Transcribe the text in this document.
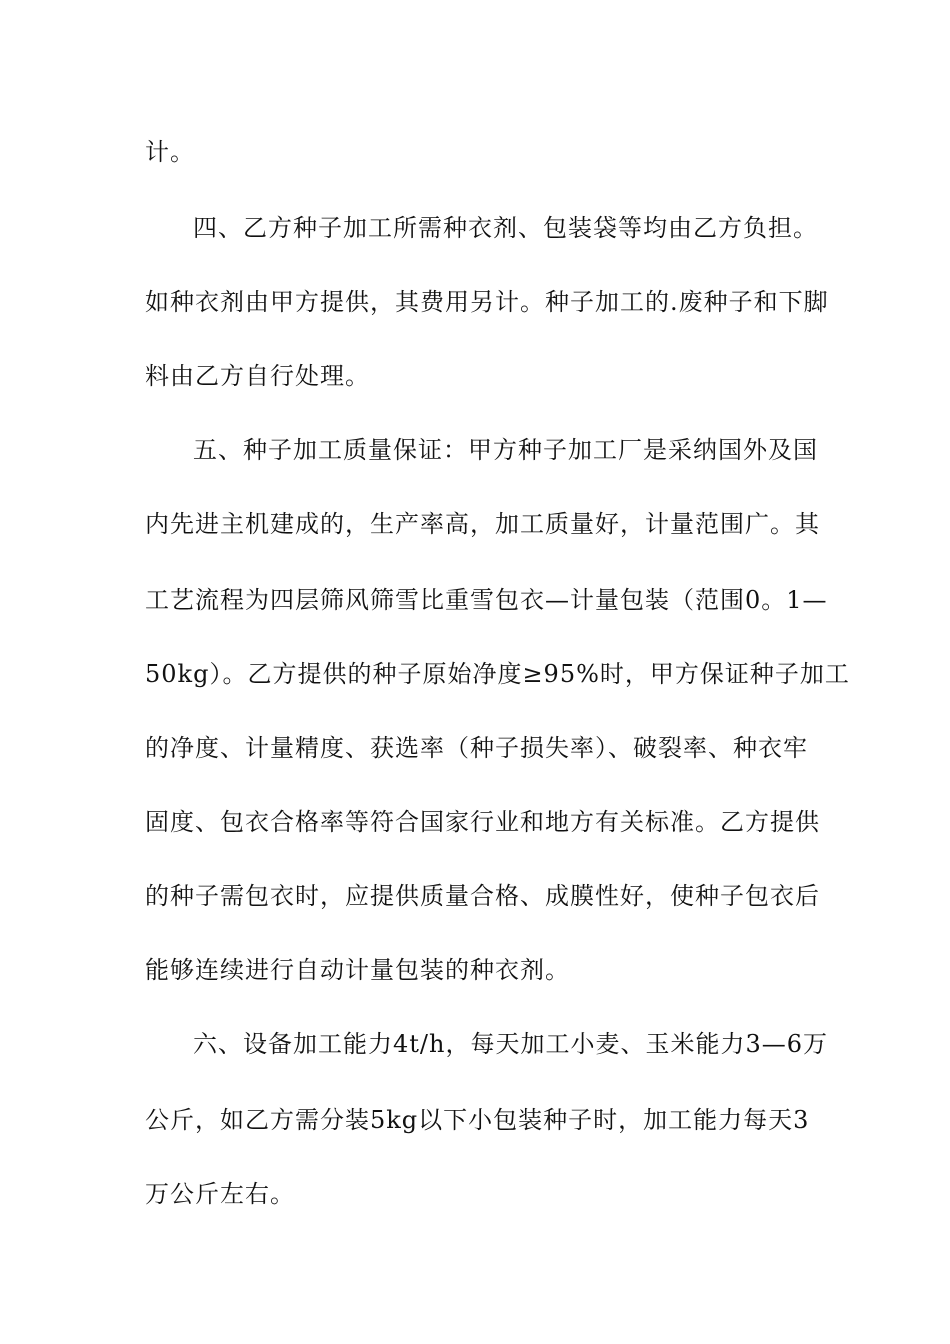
计。
四、乙方种子加工所需种衣剂、包装袋等均由乙方负担。
如种衣剂由甲方提供，其费用另计。种子加工的.废种子和下脚
料由乙方自行处理。
五、种子加工质量保证：甲方种子加工厂是采纳国外及国
内先进主机建成的，生产率高，加工质量好，计量范围广。其
工艺流程为四层筛风筛雪比重雪包衣—计量包装（范围0。1—
50kg）。乙方提供的种子原始净度≥95%时，甲方保证种子加工
的净度、计量精度、获选率（种子损失率）、破裂率、种衣牢
固度、包衣合格率等符合国家行业和地方有关标准。乙方提供
的种子需包衣时，应提供质量合格、成膜性好，使种子包衣后
能够连续进行自动计量包装的种衣剂。
六、设备加工能力4t/h，每天加工小麦、玉米能力3—6万
公斤，如乙方需分装5kg以下小包装种子时，加工能力每天3
万公斤左右。
